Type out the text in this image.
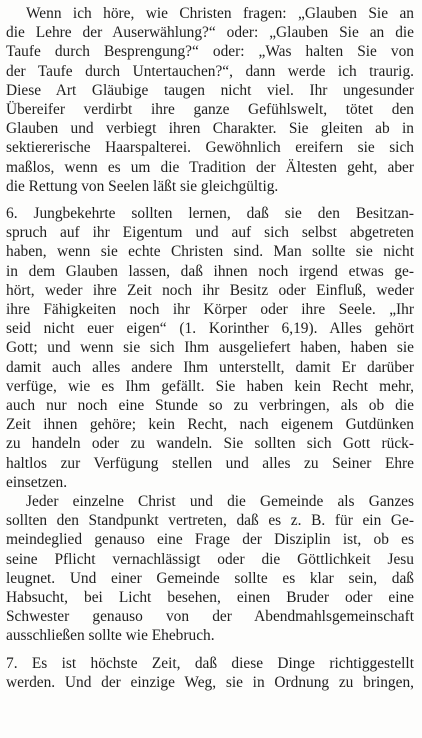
Wenn ich höre, wie Christen fragen: „Glauben Sie an
die Lehre der Auserwählung?“ oder: „Glauben Sie an die
Taufe durch Besprengung?“ oder: „Was halten Sie von
der Taufe durch Untertauchen?“, dann werde ich traurig.
Diese Art Gläubige taugen nicht viel. Ihr ungesunder
Übereifer verdirbt ihre ganze Gefühlswelt, tötet den
Glauben und verbiegt ihren Charakter. Sie gleiten ab in
sektiererische Haarspalterei. Gewöhnlich ereifern sie sich
maßlos, wenn es um die Tradition der Ältesten geht, aber
die Rettung von Seelen läßt sie gleichgültig.
6. Jungbekehrte sollten lernen, daß sie den Besitzan-
spruch auf ihr Eigentum und auf sich selbst abgetreten
haben, wenn sie echte Christen sind. Man sollte sie nicht
in dem Glauben lassen, daß ihnen noch irgend etwas ge-
hört, weder ihre Zeit noch ihr Besitz oder Einfluß, weder
ihre Fähigkeiten noch ihr Körper oder ihre Seele. „Ihr
seid nicht euer eigen“ (1. Korinther 6,19). Alles gehört
Gott; und wenn sie sich Ihm ausgeliefert haben, haben sie
damit auch alles andere Ihm unterstellt, damit Er darüber
verfüge, wie es Ihm gefällt. Sie haben kein Recht mehr,
auch nur noch eine Stunde so zu verbringen, als ob die
Zeit ihnen gehöre; kein Recht, nach eigenem Gutdünken
zu handeln oder zu wandeln. Sie sollten sich Gott rück-
haltlos zur Verfügung stellen und alles zu Seiner Ehre
einsetzen.
Jeder einzelne Christ und die Gemeinde als Ganzes
sollten den Standpunkt vertreten, daß es z. B. für ein Ge-
meindeglied genauso eine Frage der Disziplin ist, ob es
seine Pflicht vernachlässigt oder die Göttlichkeit Jesu
leugnet. Und einer Gemeinde sollte es klar sein, daß
Habsucht, bei Licht besehen, einen Bruder oder eine
Schwester genauso von der Abendmahlsgemeinschaft
ausschließen sollte wie Ehebruch.
7. Es ist höchste Zeit, daß diese Dinge richtiggestellt
werden. Und der einzige Weg, sie in Ordnung zu bringen,
